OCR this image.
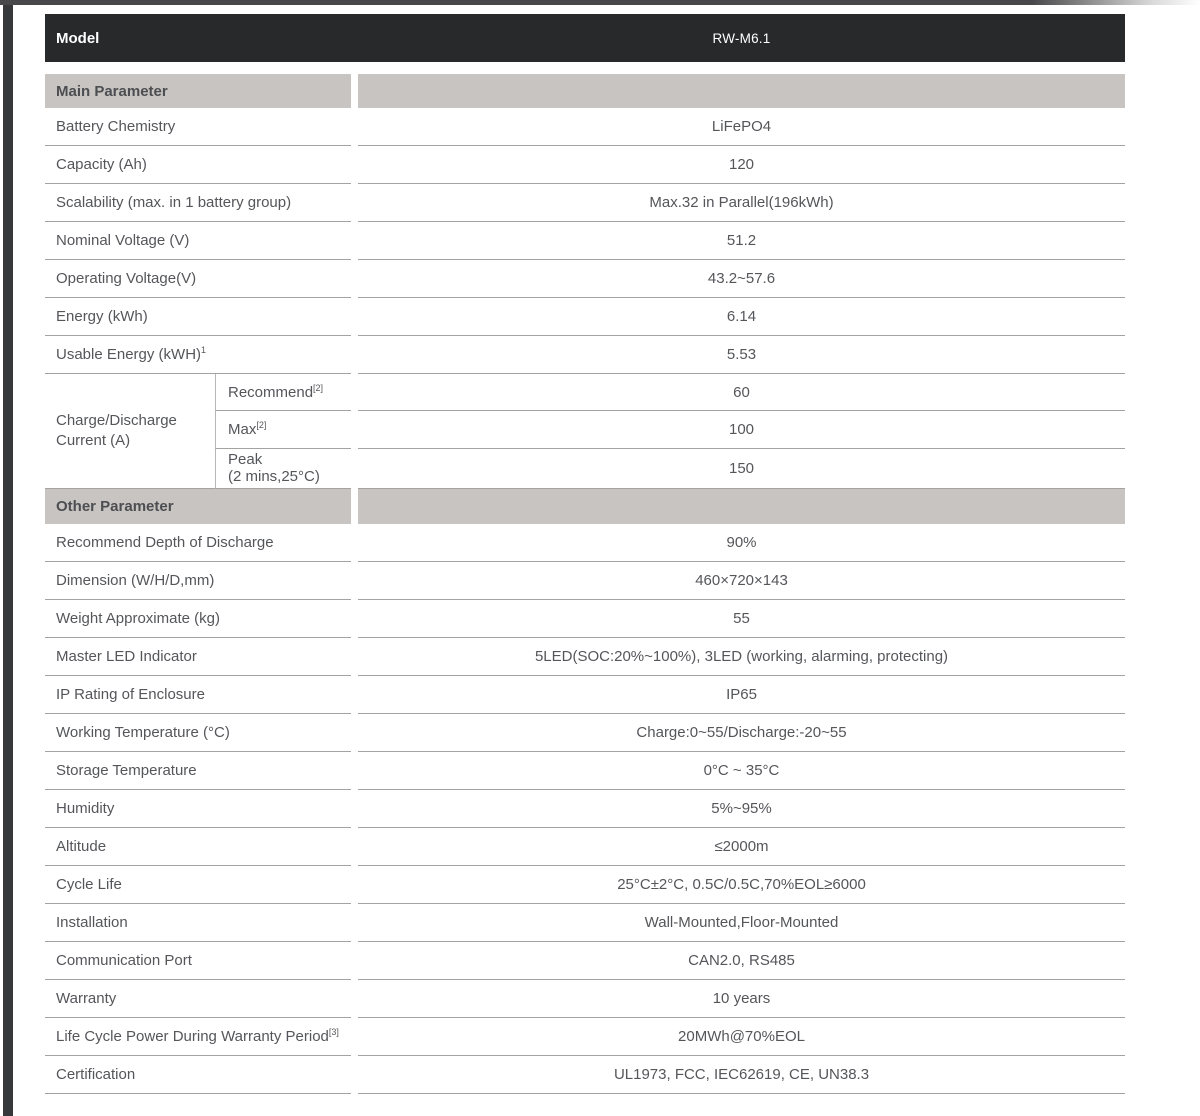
Model	RW-M6.1
Main Parameter
Battery Chemistry	LiFePO4
Capacity (Ah)	120
Scalability (max. in 1 battery group)	Max.32 in Parallel(196kWh)
Nominal Voltage (V)	51.2
Operating Voltage(V)	43.2~57.6
Energy (kWh)	6.14
Usable Energy (kWH)$^1$	5.53
Charge/Discharge Current (A)
Recommend[2]	60
Max[2]	100
Peak
(2 mins,25°C)	150
Other Parameter
Recommend Depth of Discharge	90%
Dimension (W/H/D,mm)	460×720×143
Weight Approximate (kg)	55
Master LED Indicator	5LED(SOC:20%~100%), 3LED (working, alarming, protecting)
IP Rating of Enclosure	IP65
Working Temperature (°C)	Charge:0~55/Discharge:-20~55
Storage Temperature	0°C ~ 35°C
Humidity	5%~95%
Altitude	≤2000m
Cycle Life	25°C±2°C, 0.5C/0.5C,70%EOL≥6000
Installation	Wall-Mounted,Floor-Mounted
Communication Port	CAN2.0, RS485
Warranty	10 years
Life Cycle Power During Warranty Period[3]	20MWh@70%EOL
Certification	UL1973, FCC, IEC62619, CE, UN38.3
